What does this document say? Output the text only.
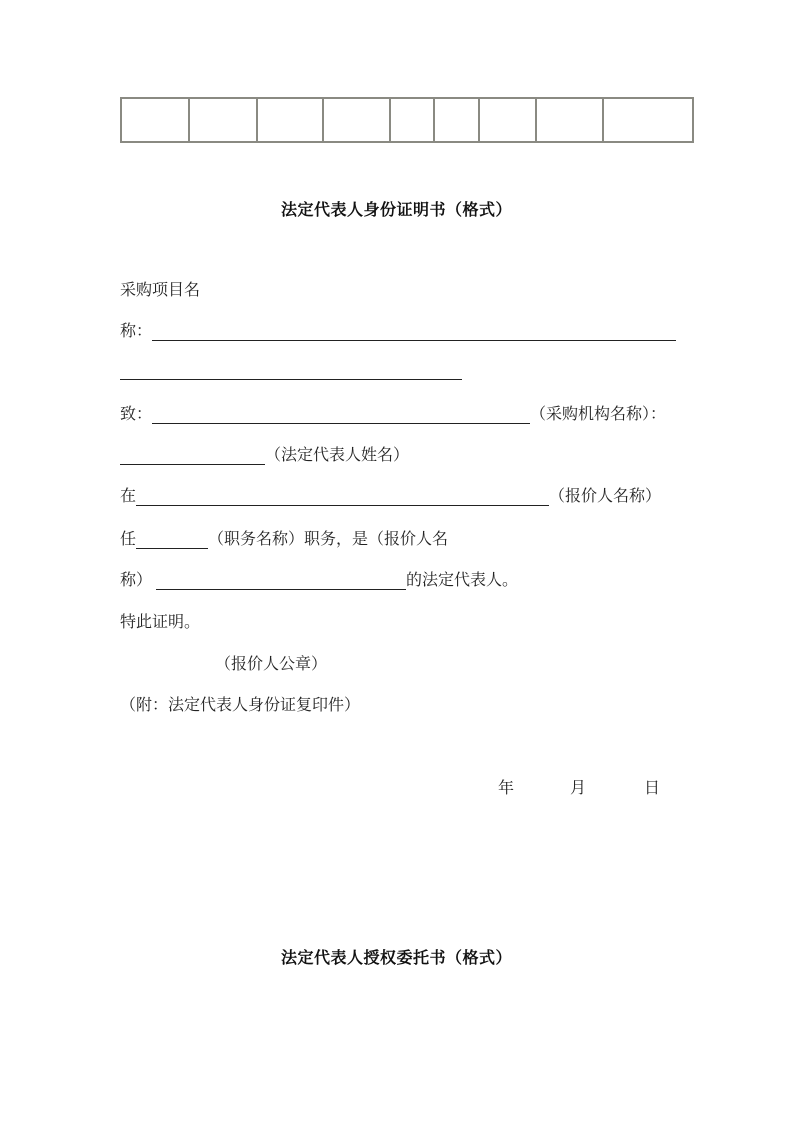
法定代表人身份证明书（格式）
采购项目名
称：
致：	（采购机构名称）：
（法定代表人姓名）
在	（报价人名称）
任	（职务名称）职务，是（报价人名
称）	的法定代表人。
特此证明。
（报价人公章）
（附：法定代表人身份证复印件）
年	月	日
法定代表人授权委托书（格式）
